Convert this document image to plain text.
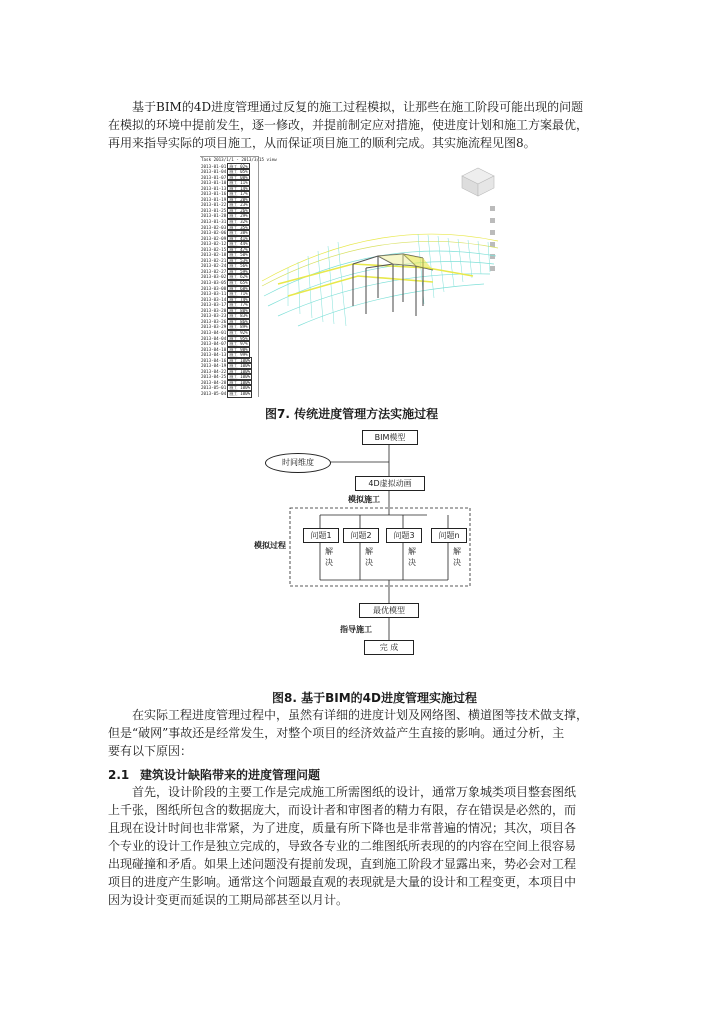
　　基于BIM的4D进度管理通过反复的施工过程模拟，让那些在施工阶段可能出现的问题
在模拟的环境中提前发生，逐一修改，并提前制定应对措施，使进度计划和施工方案最优，
再用来指导实际的项目施工，从而保证项目施工的顺利完成。其实施流程见图8。

Task 2013/1/1 - 2013/3/15 view
2013-01-01 施工 02%
2013-01-04 施工 05%
2013-01-07 施工 08%
2013-01-10 施工 11%
2013-01-13 施工 14%
2013-01-16 施工 17%
2013-01-19 施工 20%
2013-01-22 施工 23%
2013-01-25 施工 26%
2013-01-28 施工 29%
2013-01-31 施工 32%
2013-02-03 施工 35%
2013-02-06 施工 38%
2013-02-09 施工 41%
2013-02-12 施工 44%
2013-02-15 施工 47%
2013-02-18 施工 50%
2013-02-21 施工 53%
2013-02-24 施工 56%
2013-02-27 施工 59%
2013-03-02 施工 62%
2013-03-05 施工 65%
2013-03-08 施工 68%
2013-03-11 施工 71%
2013-03-14 施工 74%
2013-03-17 施工 77%
2013-03-20 施工 80%
2013-03-23 施工 83%
2013-03-26 施工 86%
2013-03-29 施工 89%
2013-04-01 施工 92%
2013-04-04 施工 95%
2013-04-07 施工 97%
2013-04-10 施工 98%
2013-04-13 施工 99%
2013-04-16 施工 100%
2013-04-19 施工 100%
2013-04-22 施工 100%
2013-04-25 施工 100%
2013-04-28 施工 100%
2013-05-01 施工 100%
2013-05-04 施工 100%
图7. 传统进度管理方法实施过程
BIM模型
时间维度
4D虚拟动画
模拟施工
模拟过程
问题1	问题2	问题3	问题n
解决
解决
解决
解决
最优模型
指导施工
完 成
图8. 基于BIM的4D进度管理实施过程

　　在实际工程进度管理过程中，虽然有详细的进度计划及网络图、横道图等技术做支撑，
但是“破网”事故还是经常发生，对整个项目的经济效益产生直接的影响。通过分析，主
要有以下原因：

2.1 建筑设计缺陷带来的进度管理问题

　　首先，设计阶段的主要工作是完成施工所需图纸的设计，通常万象城类项目整套图纸
上千张，图纸所包含的数据庞大，而设计者和审图者的精力有限，存在错误是必然的，而
且现在设计时间也非常紧，为了进度，质量有所下降也是非常普遍的情况；其次，项目各
个专业的设计工作是独立完成的，导致各专业的二维图纸所表现的的内容在空间上很容易
出现碰撞和矛盾。如果上述问题没有提前发现，直到施工阶段才显露出来，势必会对工程
项目的进度产生影响。通常这个问题最直观的表现就是大量的设计和工程变更，本项目中
因为设计变更而延误的工期局部甚至以月计。
